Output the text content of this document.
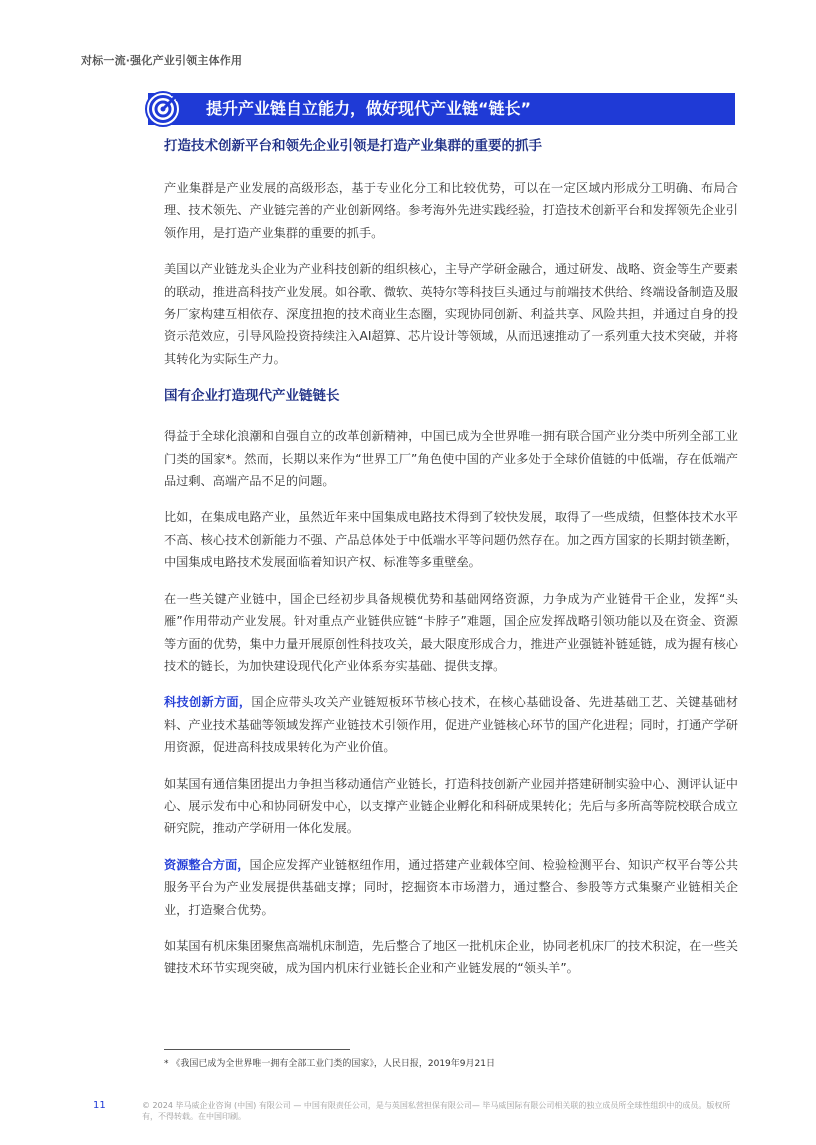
对标一流·强化产业引领主体作用
提升产业链自立能力，做好现代产业链“链长”
打造技术创新平台和领先企业引领是打造产业集群的重要的抓手

产业集群是产业发展的高级形态，基于专业化分工和比较优势，可以在一定区域内形成分工明确、布局合理、技术领先、产业链完善的产业创新网络。参考海外先进实践经验，打造技术创新平台和发挥领先企业引领作用，是打造产业集群的重要的抓手。

美国以产业链龙头企业为产业科技创新的组织核心，主导产学研金融合，通过研发、战略、资金等生产要素的联动，推进高科技产业发展。如谷歌、微软、英特尔等科技巨头通过与前端技术供给、终端设备制造及服务厂家构建互相依存、深度扭抱的技术商业生态圈，实现协同创新、利益共享、风险共担，并通过自身的投资示范效应，引导风险投资持续注入AI超算、芯片设计等领域，从而迅速推动了一系列重大技术突破，并将其转化为实际生产力。

国有企业打造现代产业链链长

得益于全球化浪潮和自强自立的改革创新精神，中国已成为全世界唯一拥有联合国产业分类中所列全部工业门类的国家*。然而，长期以来作为“世界工厂”角色使中国的产业多处于全球价值链的中低端，存在低端产品过剩、高端产品不足的问题。

比如，在集成电路产业，虽然近年来中国集成电路技术得到了较快发展，取得了一些成绩，但整体技术水平不高、核心技术创新能力不强、产品总体处于中低端水平等问题仍然存在。加之西方国家的长期封锁垄断，中国集成电路技术发展面临着知识产权、标准等多重壁垒。

在一些关键产业链中，国企已经初步具备规模优势和基础网络资源，力争成为产业链骨干企业，发挥“头雁”作用带动产业发展。针对重点产业链供应链“卡脖子”难题，国企应发挥战略引领功能以及在资金、资源等方面的优势，集中力量开展原创性科技攻关，最大限度形成合力，推进产业强链补链延链，成为握有核心技术的链长，为加快建设现代化产业体系夯实基础、提供支撑。

科技创新方面，国企应带头攻关产业链短板环节核心技术，在核心基础设备、先进基础工艺、关键基础材料、产业技术基础等领域发挥产业链技术引领作用，促进产业链核心环节的国产化进程；同时，打通产学研用资源，促进高科技成果转化为产业价值。

如某国有通信集团提出力争担当移动通信产业链长，打造科技创新产业园并搭建研制实验中心、测评认证中心、展示发布中心和协同研发中心，以支撑产业链企业孵化和科研成果转化；先后与多所高等院校联合成立研究院，推动产学研用一体化发展。

资源整合方面，国企应发挥产业链枢纽作用，通过搭建产业载体空间、检验检测平台、知识产权平台等公共服务平台为产业发展提供基础支撑；同时，挖掘资本市场潜力，通过整合、参股等方式集聚产业链相关企业，打造聚合优势。

如某国有机床集团聚焦高端机床制造，先后整合了地区一批机床企业，协同老机床厂的技术积淀，在一些关键技术环节实现突破，成为国内机床行业链长企业和产业链发展的“领头羊”。

* 《我国已成为全世界唯一拥有全部工业门类的国家》，人民日报，2019年9月21日
11	© 2024 毕马威企业咨询 (中国) 有限公司 — 中国有限责任公司，是与英国私营担保有限公司— 毕马威国际有限公司相关联的独立成员所全球性组织中的成员。版权所有，不得转载。在中国印刷。
